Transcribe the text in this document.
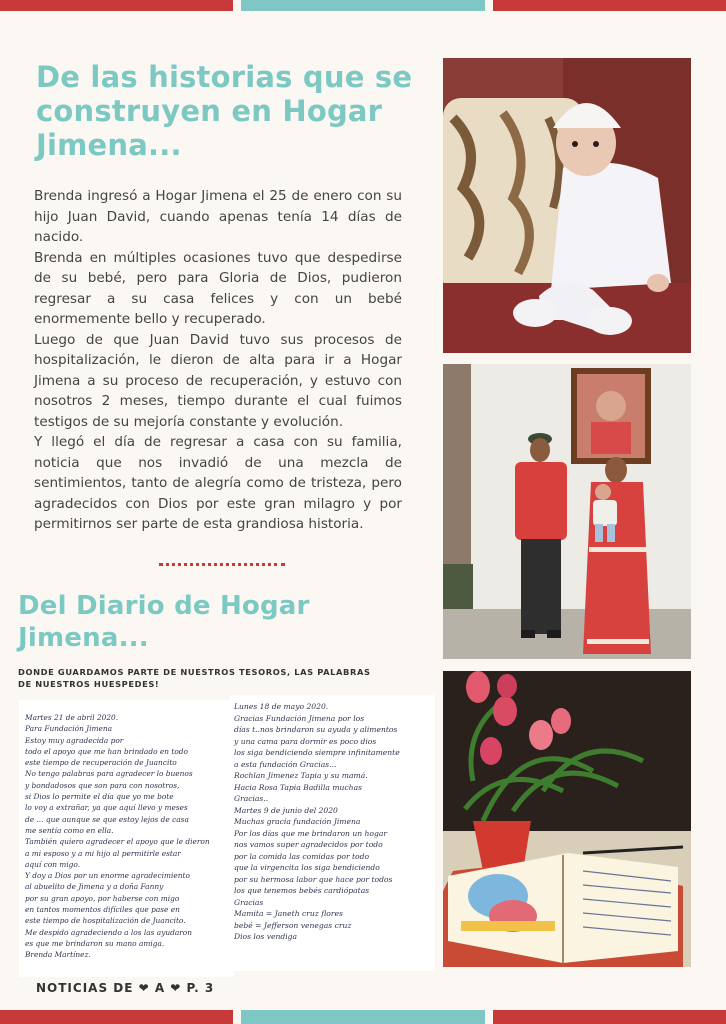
De las historias que se
construyen en Hogar
Jimena...

Brenda ingresó a Hogar Jimena el 25 de enero con su hijo Juan David, cuando apenas tenía 14 días de nacido.

Brenda en múltiples ocasiones tuvo que despedirse de su bebé, pero para Gloria de Dios, pudieron regresar a su casa felices y con un bebé enormemente bello y recuperado.

Luego de que Juan David tuvo sus procesos de hospitalización, le dieron de alta para ir a Hogar Jimena a su proceso de recuperación, y estuvo con nosotros 2 meses, tiempo durante el cual fuimos testigos de su mejoría constante y evolución.

Y llegó el día de regresar a casa con su familia, noticia que nos invadió de una mezcla de sentimientos, tanto de alegría como de tristeza, pero agradecidos con Dios por este gran milagro y por permitirnos ser parte de esta grandiosa historia.

Del Diario de Hogar
Jimena...
DONDE GUARDAMOS PARTE DE NUESTROS TESOROS, LAS PALABRAS
DE NUESTROS HUESPEDES!
Martes 21 de abril 2020.
Para Fundación Jimena
Estoy muy agradecida por
todo el apoyo que me han brindado en todo
este tiempo de recuperación de Juancito
No tengo palabras para agradecer lo buenos
y bondadosos que son para con nosotros,
si Dios lo permite el día que yo me bote
lo voy a extrañar, ya que aquí llevo y meses
de ... que aunque se que estoy lejos de casa
me sentía como en ella.
También quiero agradecer el apoyo que le dieron
a mi esposo y a mi hijo al permitirle estar
aquí con migo.
Y doy a Dios por un enorme agradecimiento
al abuelito de Jimena y a doña Fanny
por su gran apoyo, por haberse con migo
en tantos momentos difíciles que pase en
este tiempo de hospitalización de Juancito.
Me despido agradeciendo a los las ayudaron
es que me brindaron su mano amiga.
Brenda Martínez.
Lunes 18 de mayo 2020.
Gracias Fundación Jimena por los
días t..nos brindaron su ayuda y alimentos
y una cama para dormir es poco dios
los siga bendiciendo siempre infinitamente
a esta fundación Gracias...
Rochlan Jimenez Tapia y su mamá.
Hacia Rosa Tapia Badilla muchas
Gracias..
Martes 9 de junio del 2020
Muchas gracia fundación Jimena
Por los días que me brindaron un hogar
nos vamos super agradecidos por todo
por la comida las comidas por todo
que la virgencita los siga bendiciendo
por su hermosa labor que hace por todos
los que tenemos bebés cardiópatas
Gracias
Mamita = Janeth cruz flores
bebé = Jefferson venegas cruz
Dios los vendiga
NOTICIAS DE ❤ A ❤ P. 3
